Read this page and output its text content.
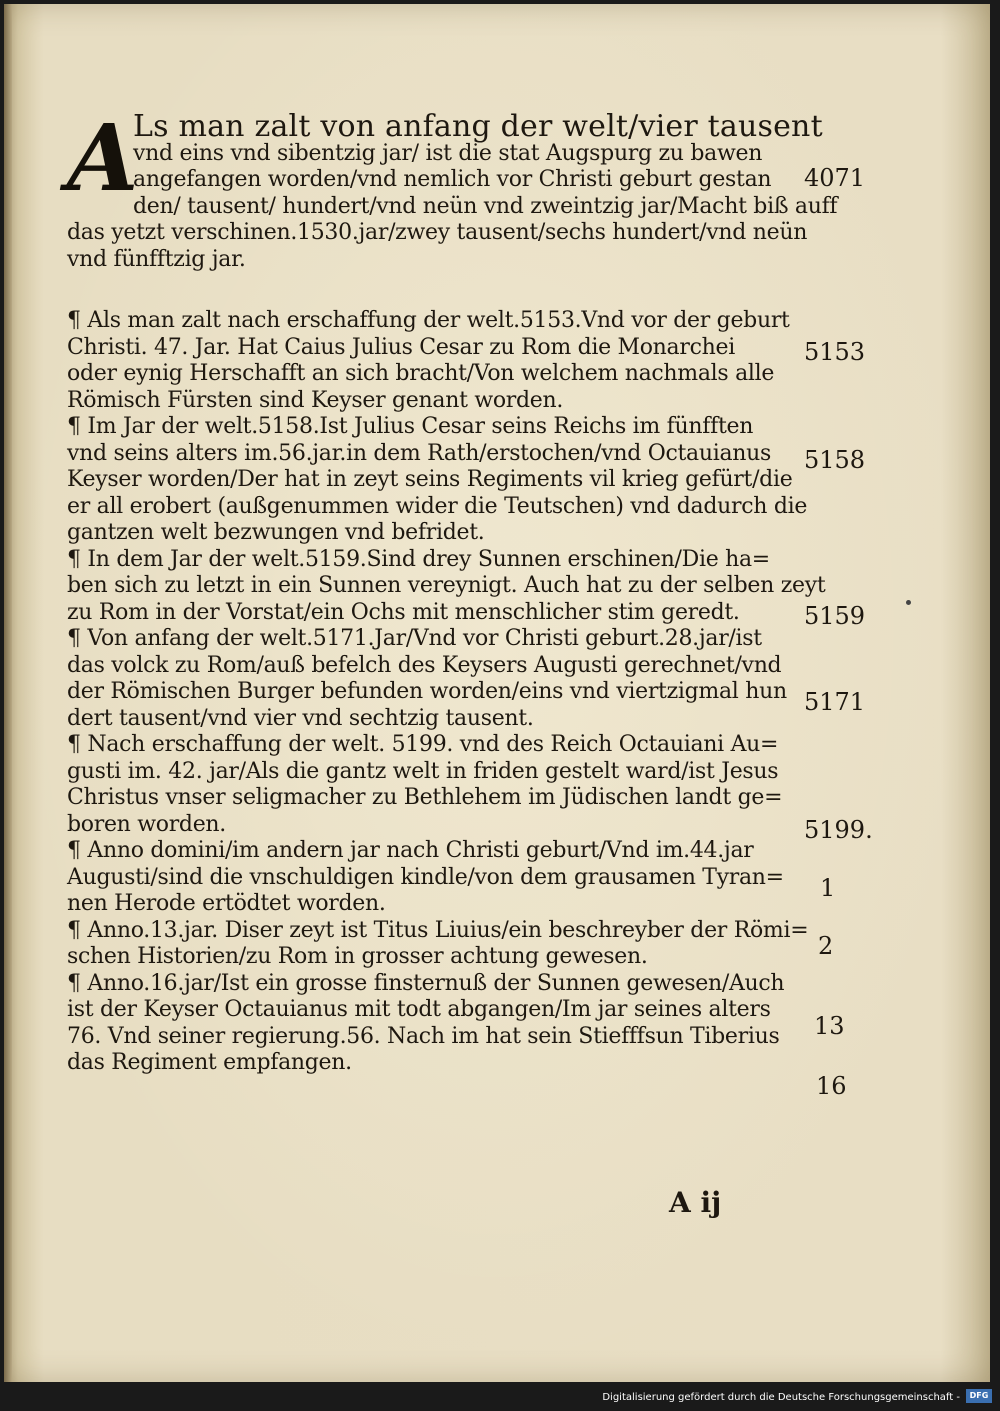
A
Ls man zalt von anfang der welt/vier tausent
vnd eins vnd sibentzig jar/ ist die stat Augspurg zu bawen
angefangen worden/vnd nemlich vor Christi geburt gestan
den/ tausent/ hundert/vnd neün vnd zweintzig jar/Macht biß auff
das yetzt verschinen.1530.jar/zwey tausent/sechs hundert/vnd neün
vnd fünfftzig jar.
¶ Als man zalt nach erschaffung der welt.5153.Vnd vor der geburt
Christi. 47. Jar. Hat Caius Julius Cesar zu Rom die Monarchei
oder eynig Herschafft an sich bracht/Von welchem nachmals alle
Römisch Fürsten sind Keyser genant worden.
¶ Im Jar der welt.5158.Ist Julius Cesar seins Reichs im fünfften
vnd seins alters im.56.jar.in dem Rath/erstochen/vnd Octauianus
Keyser worden/Der hat in zeyt seins Regiments vil krieg gefürt/die
er all erobert (außgenummen wider die Teutschen) vnd dadurch die
gantzen welt bezwungen vnd befridet.
¶ In dem Jar der welt.5159.Sind drey Sunnen erschinen/Die ha=
ben sich zu letzt in ein Sunnen vereynigt. Auch hat zu der selben zeyt
zu Rom in der Vorstat/ein Ochs mit menschlicher stim geredt.
¶ Von anfang der welt.5171.Jar/Vnd vor Christi geburt.28.jar/ist
das volck zu Rom/auß befelch des Keysers Augusti gerechnet/vnd
der Römischen Burger befunden worden/eins vnd viertzigmal hun
dert tausent/vnd vier vnd sechtzig tausent.
¶ Nach erschaffung der welt. 5199. vnd des Reich Octauiani Au=
gusti im. 42. jar/Als die gantz welt in friden gestelt ward/ist Jesus
Christus vnser seligmacher zu Bethlehem im Jüdischen landt ge=
boren worden.
¶ Anno domini/im andern jar nach Christi geburt/Vnd im.44.jar
Augusti/sind die vnschuldigen kindle/von dem grausamen Tyran=
nen Herode ertödtet worden.
¶ Anno.13.jar. Diser zeyt ist Titus Liuius/ein beschreyber der Römi=
schen Historien/zu Rom in grosser achtung gewesen.
¶ Anno.16.jar/Ist ein grosse finsternuß der Sunnen gewesen/Auch
ist der Keyser Octauianus mit todt abgangen/Im jar seines alters
76. Vnd seiner regierung.56. Nach im hat sein Stiefffsun Tiberius
das Regiment empfangen.
4071
5153
5158
5159
5171
5199.
1
2
13
16
A ij
Digitalisierung gefördert durch die Deutsche Forschungsgemeinschaft -	DFG
